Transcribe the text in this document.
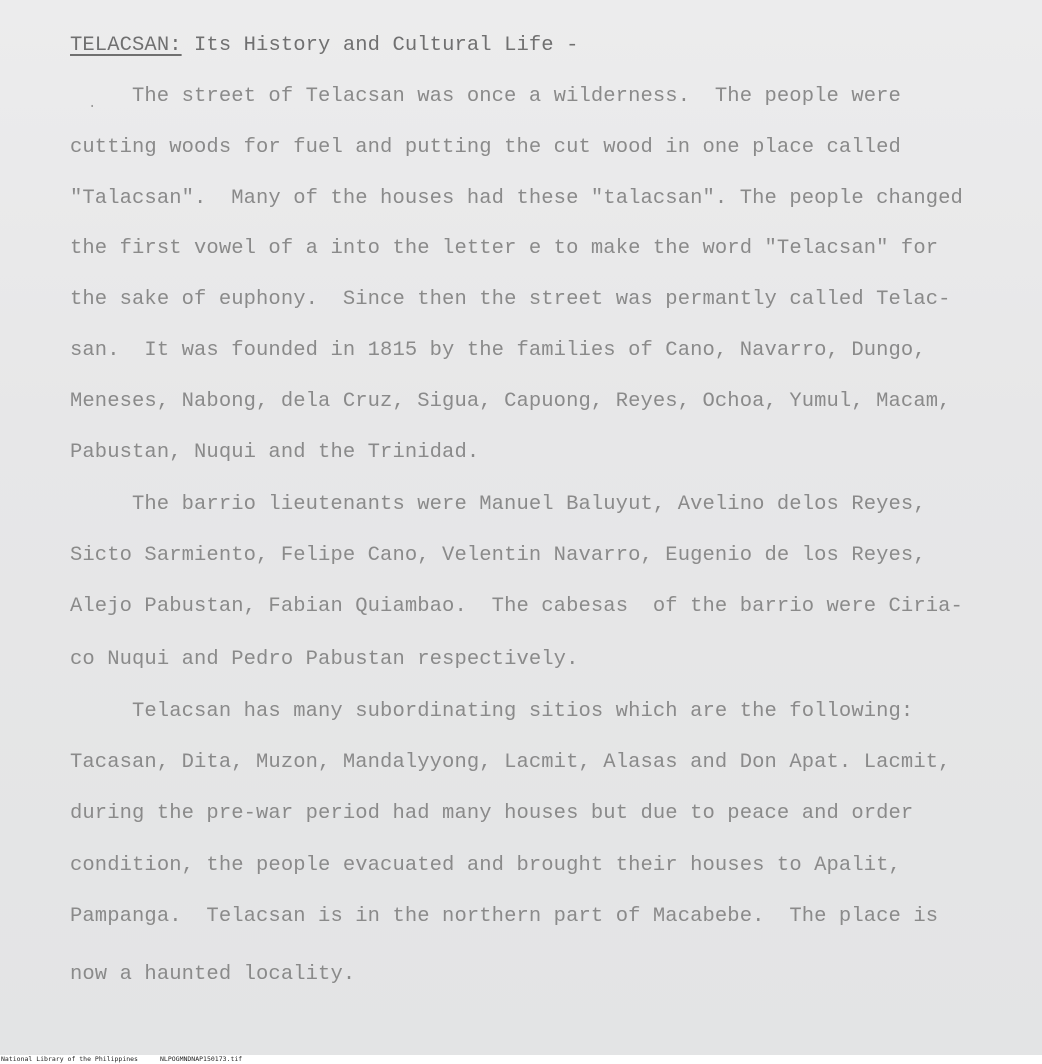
.
TELACSAN: Its History and Cultural Life -
The street of Telacsan was once a wilderness.  The people were
cutting woods for fuel and putting the cut wood in one place called
"Talacsan".  Many of the houses had these "talacsan". The people changed
the first vowel of a into the letter e to make the word "Telacsan" for
the sake of euphony.  Since then the street was permantly called Telac-
san.  It was founded in 1815 by the families of Cano, Navarro, Dungo,
Meneses, Nabong, dela Cruz, Sigua, Capuong, Reyes, Ochoa, Yumul, Macam,
Pabustan, Nuqui and the Trinidad.
The barrio lieutenants were Manuel Baluyut, Avelino delos Reyes,
Sicto Sarmiento, Felipe Cano, Velentin Navarro, Eugenio de los Reyes,
Alejo Pabustan, Fabian Quiambao.  The cabesas  of the barrio were Ciria-
co Nuqui and Pedro Pabustan respectively.
Telacsan has many subordinating sitios which are the following:
Tacasan, Dita, Muzon, Mandalyyong, Lacmit, Alasas and Don Apat. Lacmit,
during the pre-war period had many houses but due to peace and order
condition, the people evacuated and brought their houses to Apalit,
Pampanga.  Telacsan is in the northern part of Macabebe.  The place is
now a haunted locality.
National Library of the Philippines	NLPOGMNDNAP150173.tif
